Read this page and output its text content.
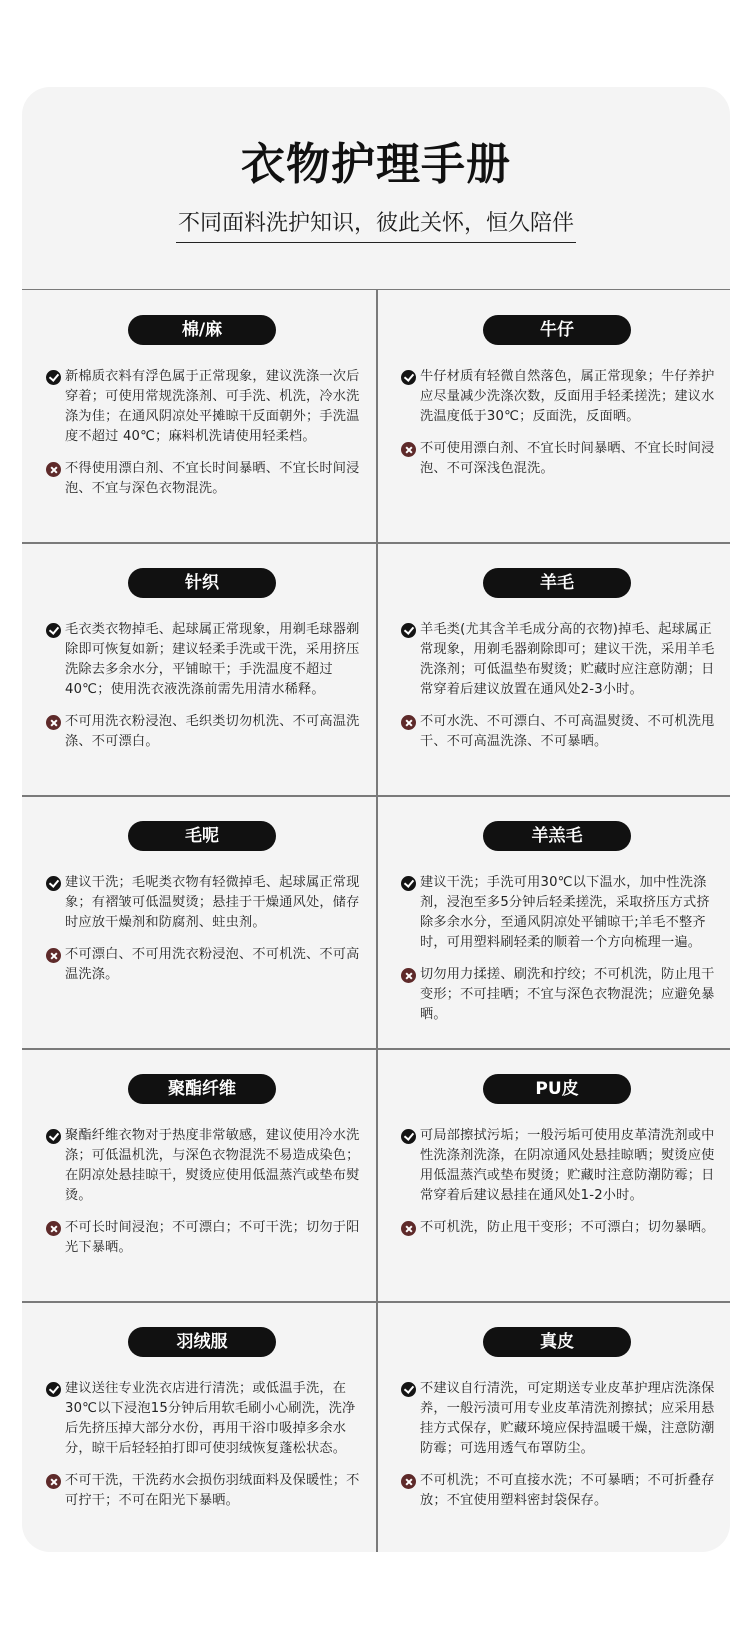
衣物护理手册
不同面料洗护知识，彼此关怀，恒久陪伴
棉/麻
新棉质衣料有浮色属于正常现象，建议洗涤一次后穿着；可使用常规洗涤剂、可手洗、机洗，冷水洗涤为佳；在通风阴凉处平摊晾干反面朝外；手洗温度不超过 40℃；麻料机洗请使用轻柔档。
不得使用漂白剂、不宜长时间暴晒、不宜长时间浸泡、不宜与深色衣物混洗。
牛仔
牛仔材质有轻微自然落色，属正常现象；牛仔养护应尽量减少洗涤次数，反面用手轻柔搓洗；建议水洗温度低于30℃；反面洗，反面晒。
不可使用漂白剂、不宜长时间暴晒、不宜长时间浸泡、不可深浅色混洗。
针织
毛衣类衣物掉毛、起球属正常现象，用剃毛球器剃除即可恢复如新；建议轻柔手洗或干洗，采用挤压洗除去多余水分，平铺晾干；手洗温度不超过40℃；使用洗衣液洗涤前需先用清水稀释。
不可用洗衣粉浸泡、毛织类切勿机洗、不可高温洗涤、不可漂白。
羊毛
羊毛类(尤其含羊毛成分高的衣物)掉毛、起球属正常现象，用剃毛器剃除即可；建议干洗，采用羊毛洗涤剂；可低温垫布熨烫；贮藏时应注意防潮；日常穿着后建议放置在通风处2-3小时。
不可水洗、不可漂白、不可高温熨烫、不可机洗甩干、不可高温洗涤、不可暴晒。
毛呢
建议干洗；毛呢类衣物有轻微掉毛、起球属正常现象；有褶皱可低温熨烫；悬挂于干燥通风处，储存时应放干燥剂和防腐剂、蛀虫剂。
不可漂白、不可用洗衣粉浸泡、不可机洗、不可高温洗涤。
羊羔毛
建议干洗；手洗可用30℃以下温水，加中性洗涤剂，浸泡至多5分钟后轻柔搓洗，采取挤压方式挤除多余水分，至通风阴凉处平铺晾干;羊毛不整齐时，可用塑料刷轻柔的顺着一个方向梳理一遍。
切勿用力揉搓、刷洗和拧绞；不可机洗，防止甩干变形；不可挂晒；不宜与深色衣物混洗；应避免暴晒。
聚酯纤维
聚酯纤维衣物对于热度非常敏感，建议使用冷水洗涤；可低温机洗，与深色衣物混洗不易造成染色；在阴凉处悬挂晾干，熨烫应使用低温蒸汽或垫布熨烫。
不可长时间浸泡；不可漂白；不可干洗；切勿于阳光下暴晒。
PU皮
可局部擦拭污垢；一般污垢可使用皮革清洗剂或中性洗涤剂洗涤，在阴凉通风处悬挂晾晒；熨烫应使用低温蒸汽或垫布熨烫；贮藏时注意防潮防霉；日常穿着后建议悬挂在通风处1-2小时。
不可机洗，防止甩干变形；不可漂白；切勿暴晒。
羽绒服
建议送往专业洗衣店进行清洗；或低温手洗，在30℃以下浸泡15分钟后用软毛刷小心刷洗，洗净后先挤压掉大部分水份，再用干浴巾吸掉多余水分，晾干后轻轻拍打即可使羽绒恢复蓬松状态。
不可干洗，干洗药水会损伤羽绒面料及保暖性；不可拧干；不可在阳光下暴晒。
真皮
不建议自行清洗，可定期送专业皮革护理店洗涤保养，一般污渍可用专业皮革清洗剂擦拭；应采用悬挂方式保存，贮藏环境应保持温暖干燥，注意防潮防霉；可选用透气布罩防尘。
不可机洗；不可直接水洗；不可暴晒；不可折叠存放；不宜使用塑料密封袋保存。
